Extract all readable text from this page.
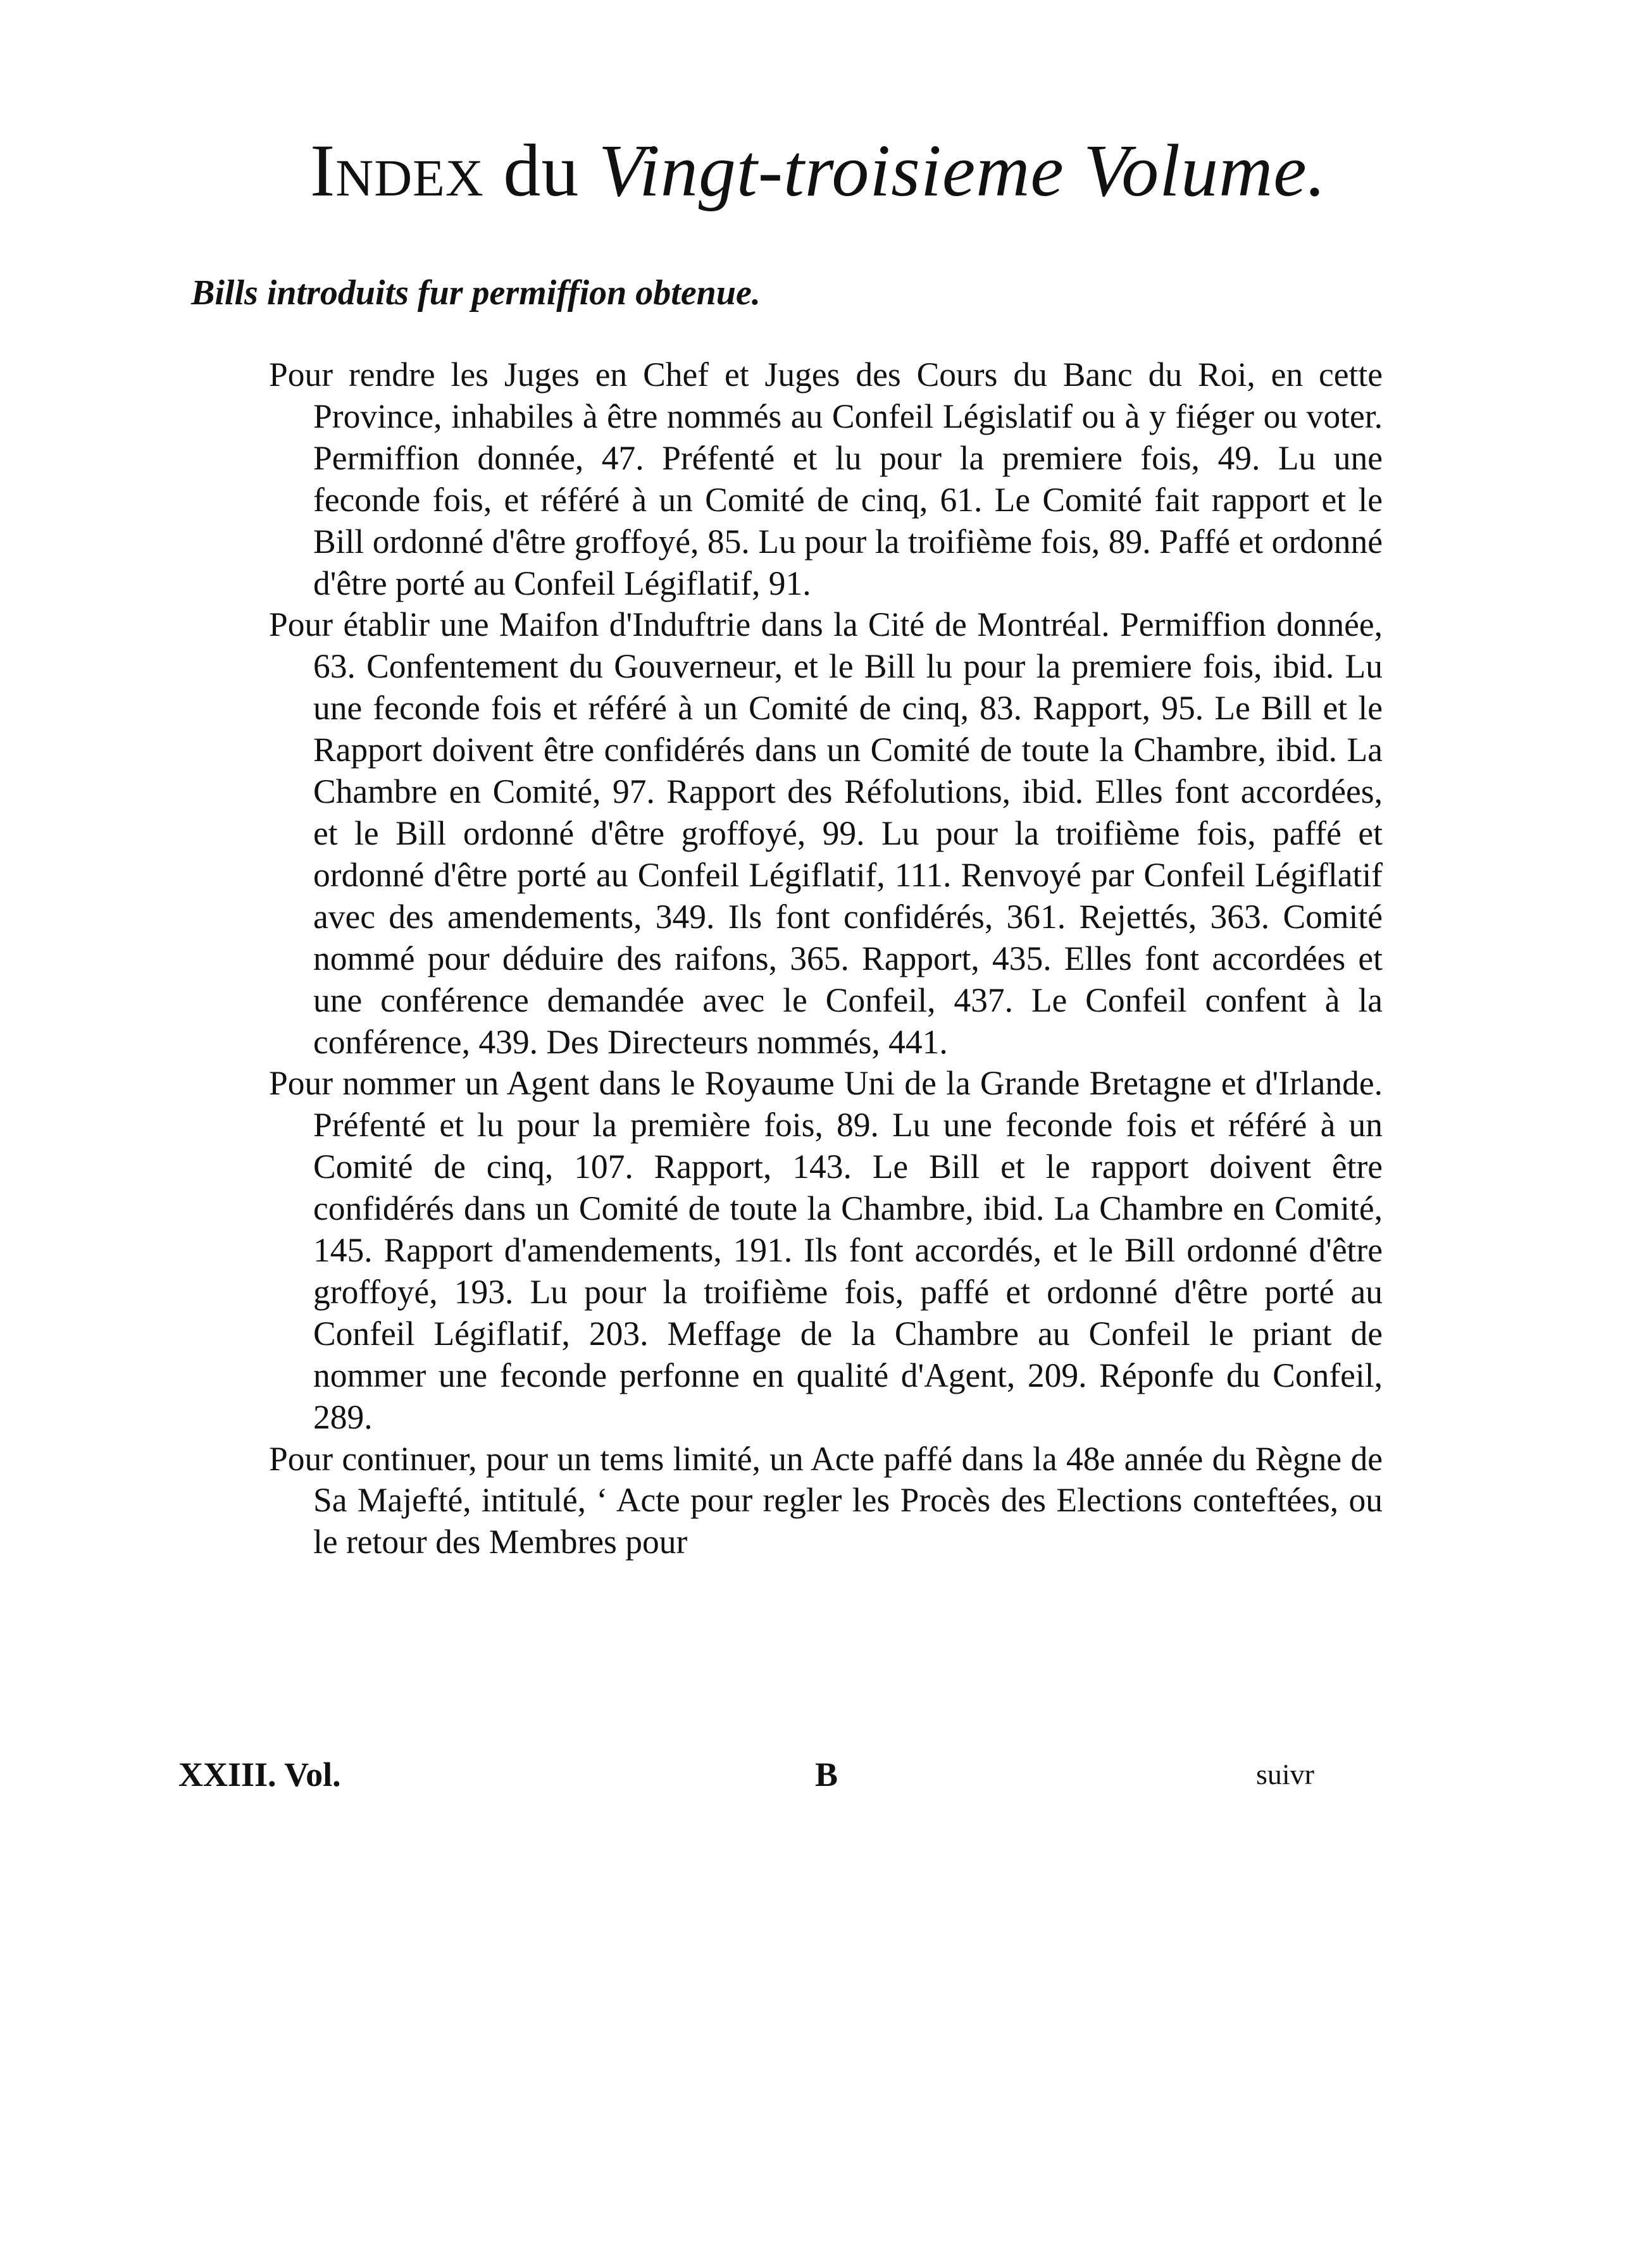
Index du Vingt-troisieme Volume.
Bills introduits fur permiffion obtenue.

Pour rendre les Juges en Chef et Juges des Cours du Banc du Roi, en cette Province, inhabiles à être nommés au Confeil Législatif ou à y fiéger ou voter. Permiffion donnée, 47. Préfenté et lu pour la premiere fois, 49. Lu une feconde fois, et référé à un Comité de cinq, 61. Le Comité fait rapport et le Bill ordonné d'être groffoyé, 85. Lu pour la troifième fois, 89. Paffé et ordonné d'être porté au Confeil Légiflatif, 91.

Pour établir une Maifon d'Induftrie dans la Cité de Montréal. Permiffion donnée, 63. Confentement du Gouverneur, et le Bill lu pour la premiere fois, ibid. Lu une feconde fois et référé à un Comité de cinq, 83. Rapport, 95. Le Bill et le Rapport doivent être confidérés dans un Comité de toute la Chambre, ibid. La Chambre en Comité, 97. Rapport des Réfolutions, ibid. Elles font accordées, et le Bill ordonné d'être groffoyé, 99. Lu pour la troifième fois, paffé et ordonné d'être porté au Confeil Légiflatif, 111. Renvoyé par Confeil Légiflatif avec des amendements, 349. Ils font confidérés, 361. Rejettés, 363. Comité nommé pour déduire des raifons, 365. Rapport, 435. Elles font accordées et une conférence demandée avec le Confeil, 437. Le Confeil confent à la conférence, 439. Des Directeurs nommés, 441.

Pour nommer un Agent dans le Royaume Uni de la Grande Bretagne et d'Irlande. Préfenté et lu pour la première fois, 89. Lu une feconde fois et référé à un Comité de cinq, 107. Rapport, 143. Le Bill et le rapport doivent être confidérés dans un Comité de toute la Chambre, ibid. La Chambre en Comité, 145. Rapport d'amendements, 191. Ils font accordés, et le Bill ordonné d'être groffoyé, 193. Lu pour la troifième fois, paffé et ordonné d'être porté au Confeil Légiflatif, 203. Meffage de la Chambre au Confeil le priant de nommer une feconde perfonne en qualité d'Agent, 209. Réponfe du Confeil, 289.

Pour continuer, pour un tems limité, un Acte paffé dans la 48e année du Règne de Sa Majefté, intitulé, ‘ Acte pour regler les Procès des Elections conteftées, ou le retour des Membres pour

XXIII. Vol.	B	suivr
